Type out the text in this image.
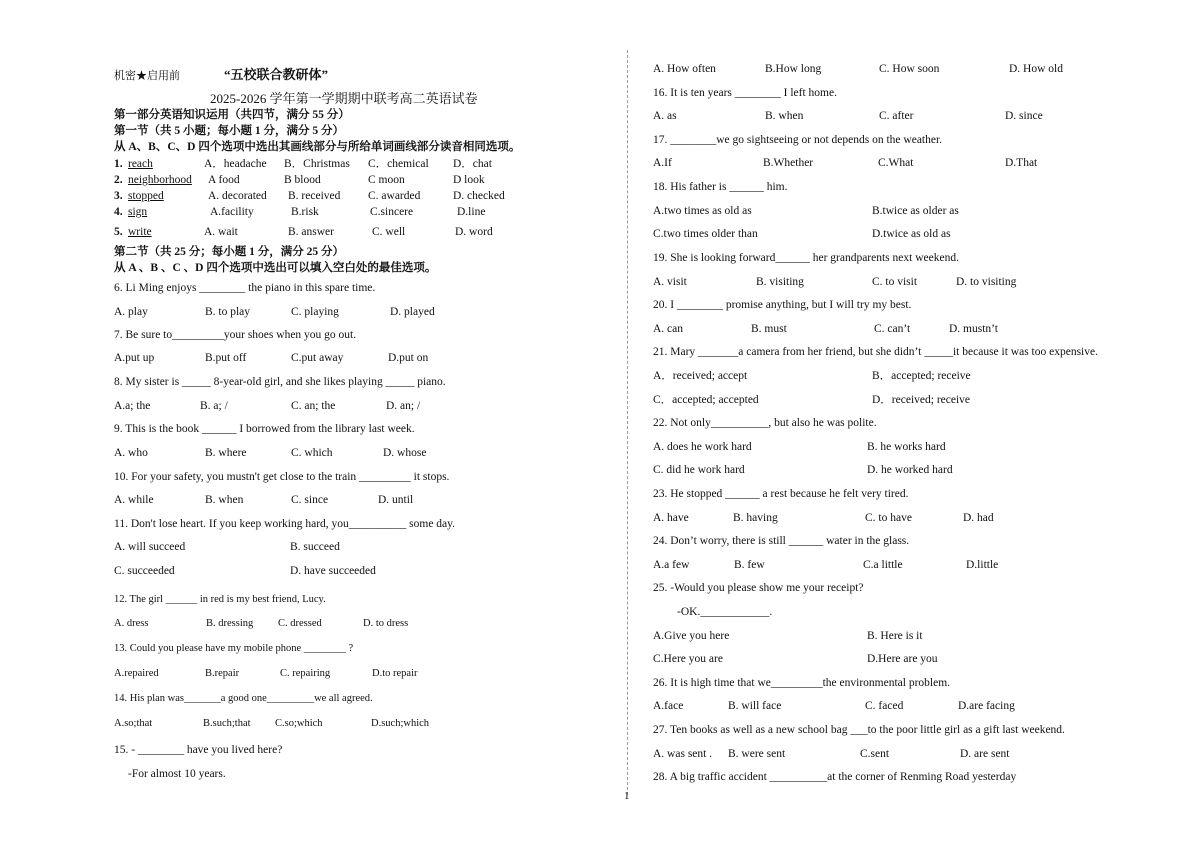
机密★启用前	“五校联合教研体”
2025-2026 学年第一学期期中联考高二英语试卷
第一部分英语知识运用（共四节，满分 55 分）
第一节（共 5 小题；每小题 1 分，满分 5 分）
从 A、B、C、D 四个选项中选出其画线部分与所给单词画线部分读音相同选项。
1. reach	A．headache B．Christmas C．chemical D．chat
2. neighborhood A food	B blood	C moon	D look
3. stopped	A. decorated B. received C. awarded	D. checked
4. sign	A.facility	B.risk	C.sincere	D.line
5. write	A. wait	B. answer	C. well	D. word
第二节（共 25 分；每小题 1 分，满分 25 分）
从 A 、B 、C 、D 四个选项中选出可以填入空白处的最佳选项。
6. Li Ming enjoys ________ the piano in this spare time.
A. play	B. to play	C. playing	D. played
7. Be sure to_________your shoes when you go out.
A.put up	B.put off	C.put away	D.put on
8. My sister is _____ 8-year-old girl, and she likes playing _____ piano.
A.a; the	B. a; /	C. an; the	D. an; /
9. This is the book ______ I borrowed from the library last week.
A. who	B. where	C. which	D. whose
10. For your safety, you mustn't get close to the train _________ it stops.
A. while	B. when	C. since	D. until
11. Don't lose heart. If you keep working hard, you__________ some day.
A. will succeed	B. succeed
C. succeeded	D. have succeeded
12. The girl ______ in red is my best friend, Lucy.
A. dress	B. dressing C. dressed	D. to dress
13. Could you please have my mobile phone ________ ?
A.repaired	B.repair	C. repairing	D.to repair
14. His plan was_______a good one_________we all agreed.
A.so;that	B.such;that C.so;which	D.such;which
15. - ________ have you lived here?
-For almost 10 years.
1
A. How often	B.How long	C. How soon	D. How old
16. It is ten years ________ I left home.
A. as	B. when	C. after	D. since
17. ________we go sightseeing or not depends on the weather.
A.If	B.Whether	C.What	D.That
18. His father is ______ him.
A.two times as old as	B.twice as older as
C.two times older than	D.twice as old as
19. She is looking forward______ her grandparents next weekend.
A. visit	B. visiting	C. to visit	D. to visiting
20. I ________ promise anything, but I will try my best.
A. can	B. must	C. can’t	D. mustn’t
21. Mary _______a camera from her friend, but she didn’t _____it because it was too expensive.
A．received; accept	B．accepted; receive
C．accepted; accepted	D．received; receive
22. Not only__________, but also he was polite.
A. does he work hard	B. he works hard
C. did he work hard	D. he worked hard
23. He stopped ______ a rest because he felt very tired.
A. have	B. having	C. to have	D. had
24. Don’t worry, there is still ______ water in the glass.
A.a few	B. few	C.a little	D.little
25. -Would you please show me your receipt?
-OK.____________.
A.Give you here	B. Here is it
C.Here you are	D.Here are you
26. It is high time that we_________the environmental problem.
A.face	B. will face	C. faced	D.are facing
27. Ten books as well as a new school bag ___to the poor little girl as a gift last weekend.
A. was sent . B. were sent	C.sent	D. are sent
28. A big traffic accident __________at the corner of Renming Road yesterday
